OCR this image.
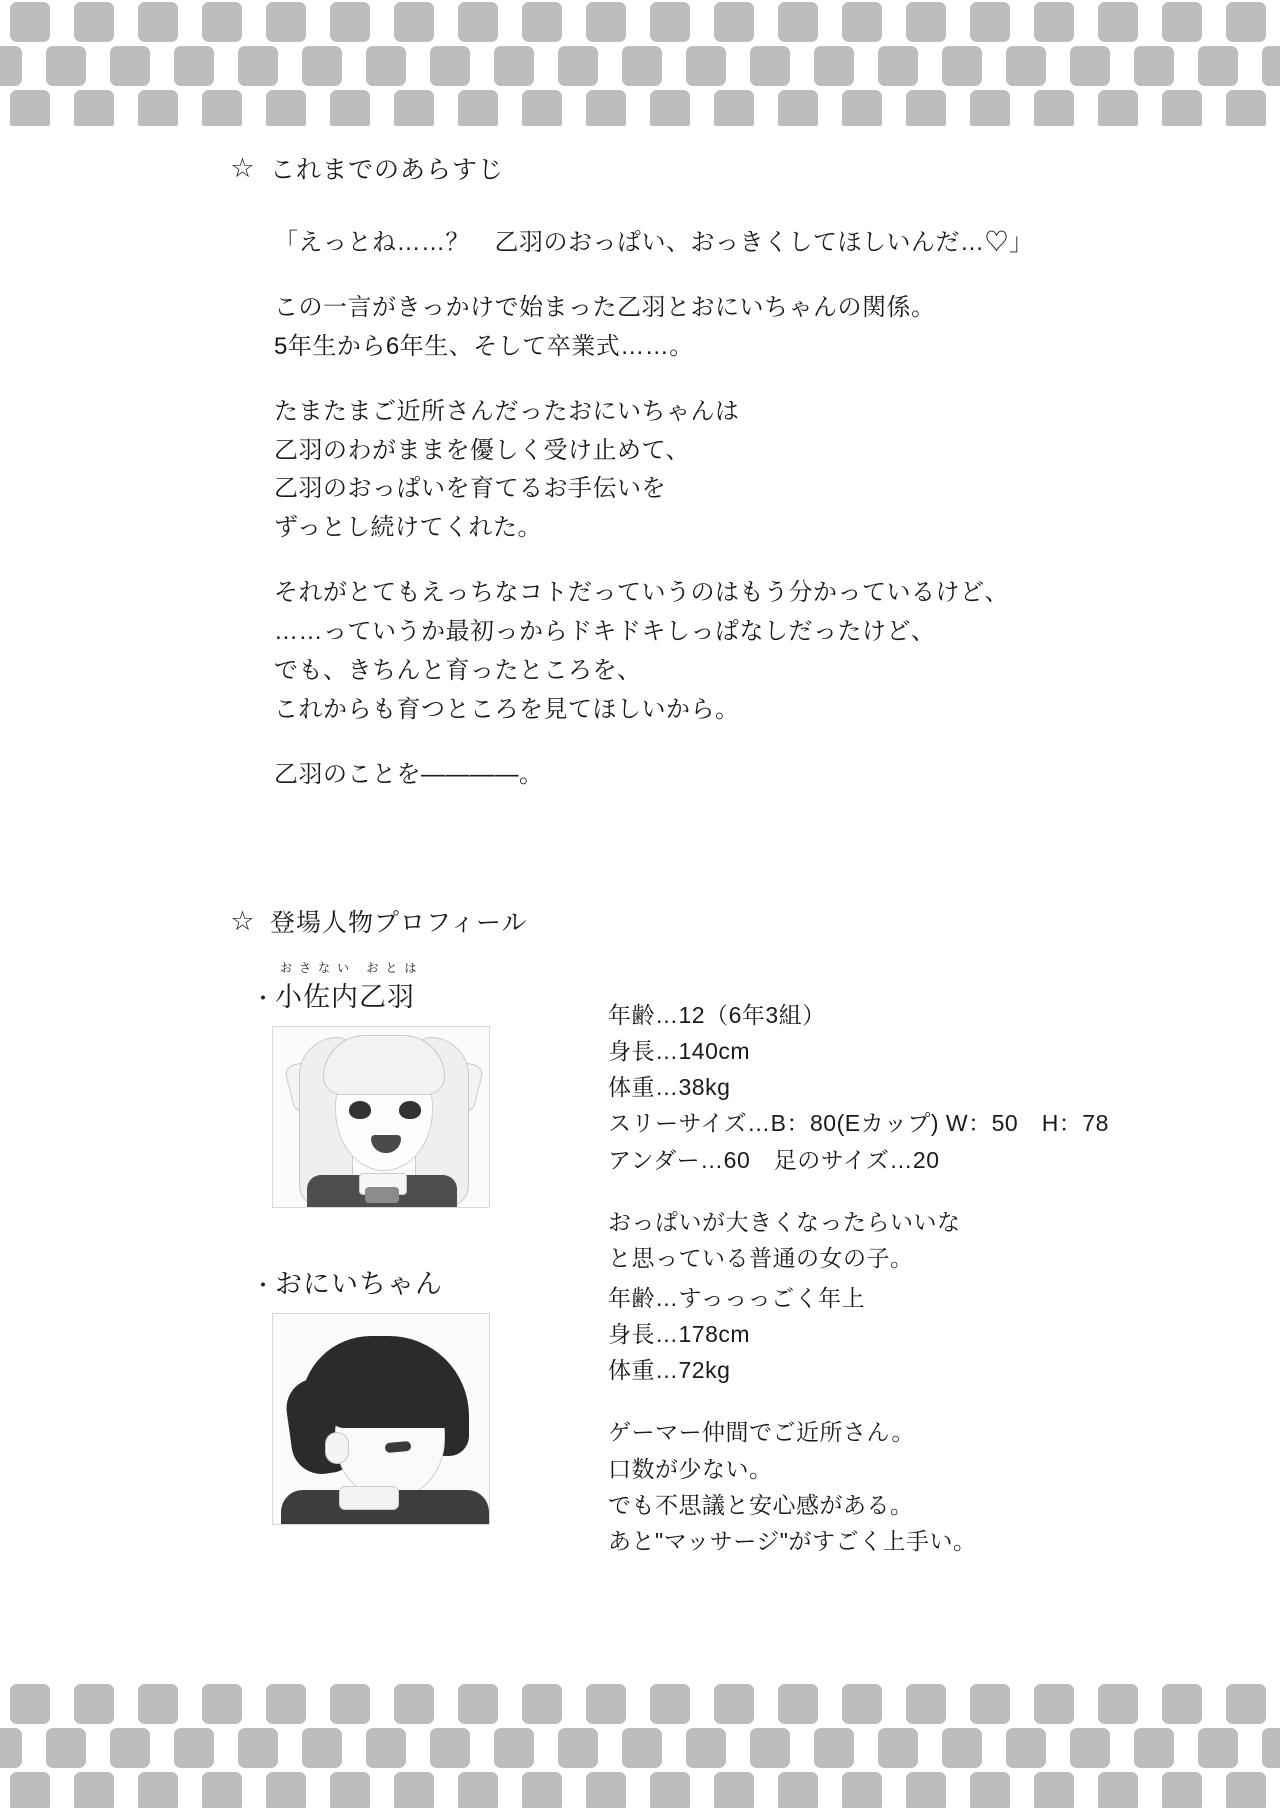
☆ これまでのあらすじ

「えっとね……？　乙羽のおっぱい、おっきくしてほしいんだ…♡」

この一言がきっかけで始まった乙羽とおにいちゃんの関係。

5年生から6年生、そして卒業式……。

たまたまご近所さんだったおにいちゃんは

乙羽のわがままを優しく受け止めて、

乙羽のおっぱいを育てるお手伝いを

ずっとし続けてくれた。

それがとてもえっちなコトだっていうのはもう分かっているけど、

……っていうか最初っからドキドキしっぱなしだったけど、

でも、きちんと育ったところを、

これからも育つところを見てほしいから。

乙羽のことを————。

☆ 登場人物プロフィール
おさない おとは
・小佐内乙羽

年齢…12（6年3組）

身長…140cm

体重…38kg

スリーサイズ…B：80(Eカップ) W：50　H：78

アンダー…60　足のサイズ…20

おっぱいが大きくなったらいいな

と思っている普通の女の子。

・おにいちゃん	年齢…すっっっごく年上

身長…178cm

体重…72kg

ゲーマー仲間でご近所さん。

口数が少ない。

でも不思議と安心感がある。

あと"マッサージ"がすごく上手い。
